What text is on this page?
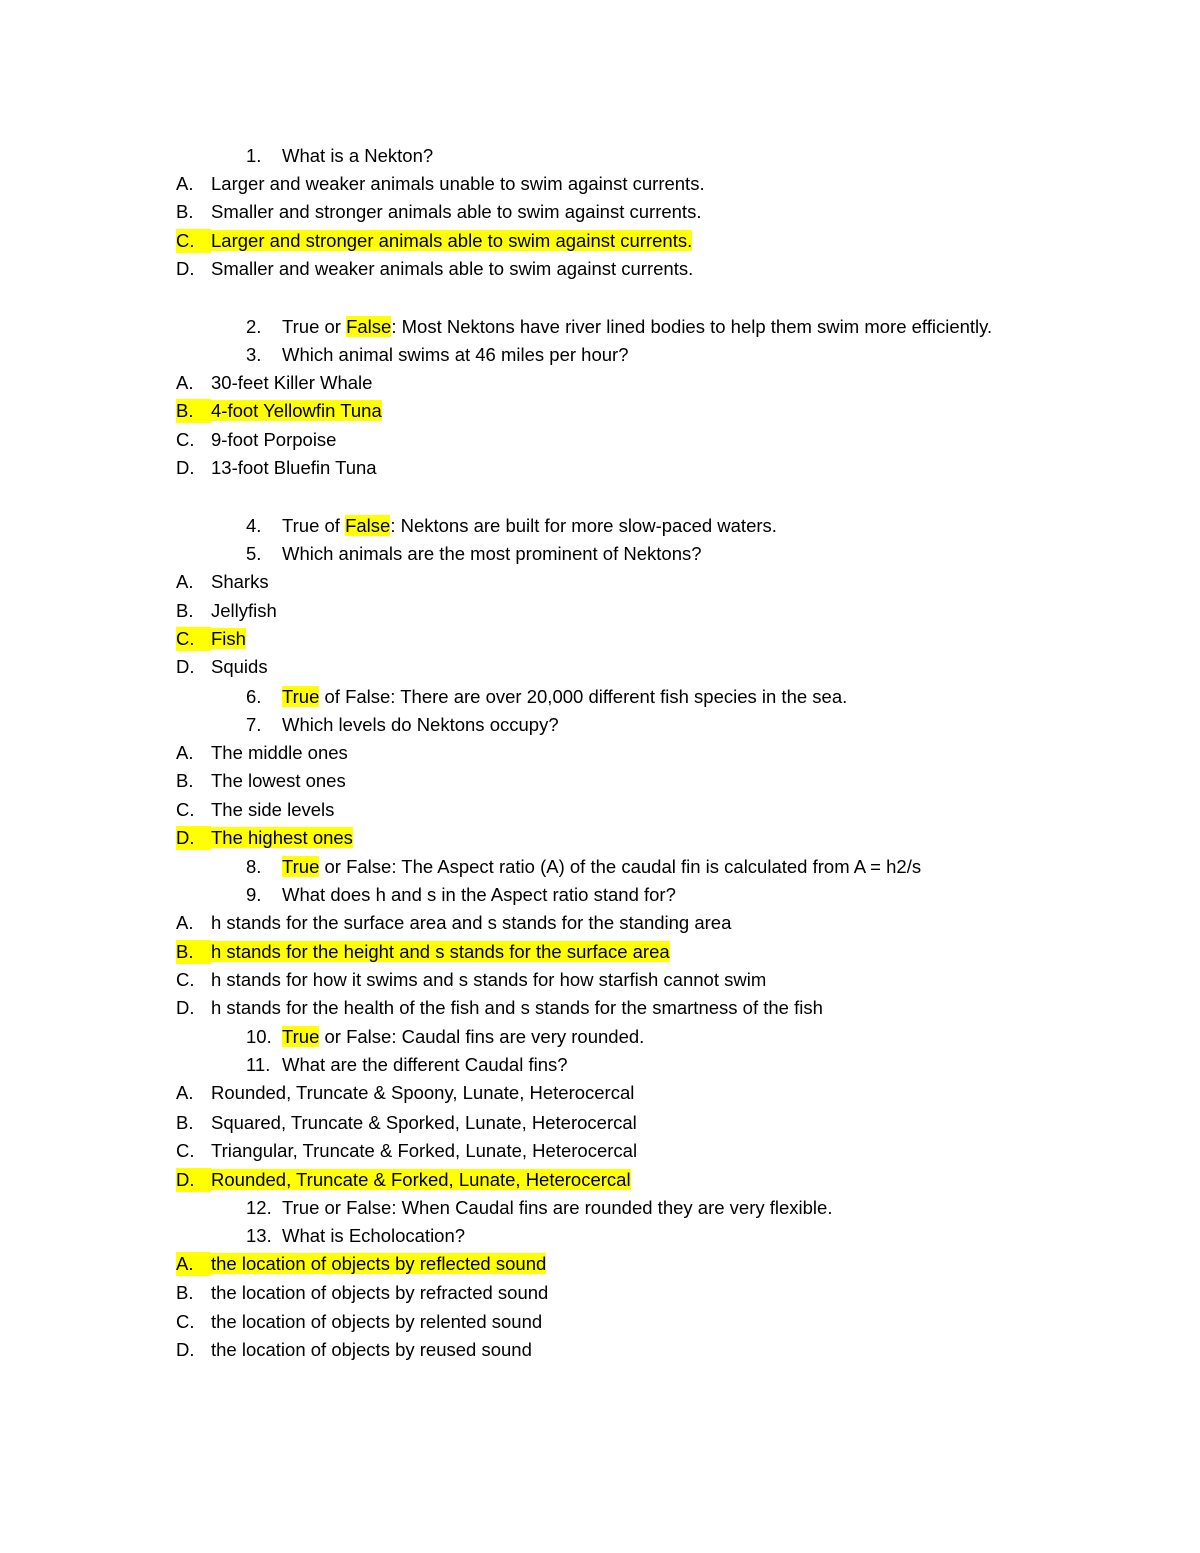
1. What is a Nekton?
A. Larger and weaker animals unable to swim against currents.
B. Smaller and stronger animals able to swim against currents.
C. Larger and stronger animals able to swim against currents.
D. Smaller and weaker animals able to swim against currents.
2. True or False: Most Nektons have river lined bodies to help them swim more efficiently.
3. Which animal swims at 46 miles per hour?
A. 30-feet Killer Whale
B. 4-foot Yellowfin Tuna
C. 9-foot Porpoise
D. 13-foot Bluefin Tuna
4. True of False: Nektons are built for more slow-paced waters.
5. Which animals are the most prominent of Nektons?
A. Sharks
B. Jellyfish
C. Fish
D. Squids
6. True of False: There are over 20,000 different fish species in the sea.
7. Which levels do Nektons occupy?
A. The middle ones
B. The lowest ones
C. The side levels
D. The highest ones
8. True or False: The Aspect ratio (A) of the caudal fin is calculated from A = h2/s
9. What does h and s in the Aspect ratio stand for?
A. h stands for the surface area and s stands for the standing area
B. h stands for the height and s stands for the surface area
C. h stands for how it swims and s stands for how starfish cannot swim
D. h stands for the health of the fish and s stands for the smartness of the fish
10. True or False: Caudal fins are very rounded.
11. What are the different Caudal fins?
A. Rounded, Truncate & Spoony, Lunate, Heterocercal
B. Squared, Truncate & Sporked, Lunate, Heterocercal
C. Triangular, Truncate & Forked, Lunate, Heterocercal
D. Rounded, Truncate & Forked, Lunate, Heterocercal
12. True or False: When Caudal fins are rounded they are very flexible.
13. What is Echolocation?
A. the location of objects by reflected sound
B. the location of objects by refracted sound
C. the location of objects by relented sound
D. the location of objects by reused sound
